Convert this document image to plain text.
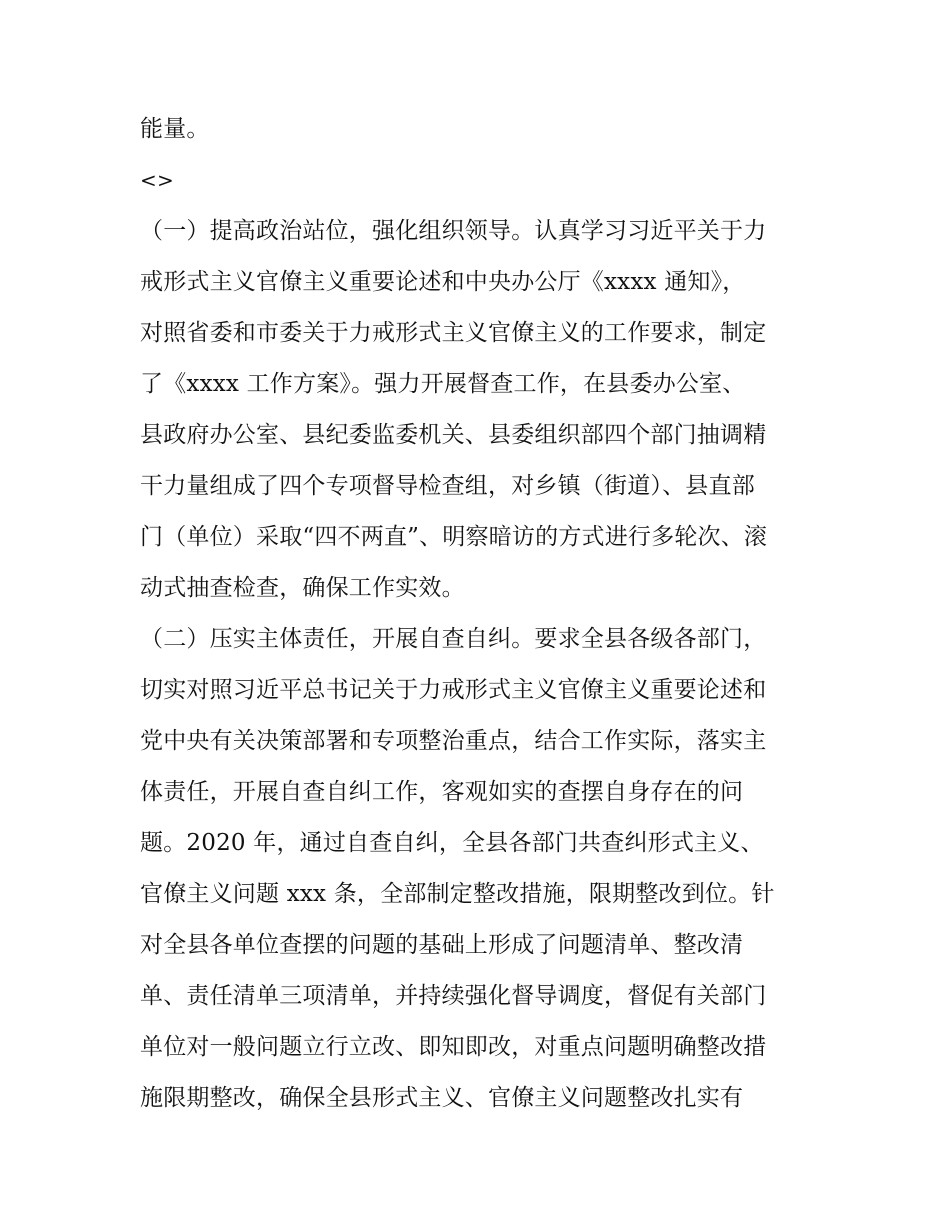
能量。
<>
（一）提高政治站位，强化组织领导。认真学习习近平关于力
戒形式主义官僚主义重要论述和中央办公厅《xxxx 通知》，
对照省委和市委关于力戒形式主义官僚主义的工作要求，制定
了《xxxx 工作方案》。强力开展督查工作，在县委办公室、
县政府办公室、县纪委监委机关、县委组织部四个部门抽调精
干力量组成了四个专项督导检查组，对乡镇（街道）、县直部
门（单位）采取“四不两直”、明察暗访的方式进行多轮次、滚
动式抽查检查，确保工作实效。
（二）压实主体责任，开展自查自纠。要求全县各级各部门，
切实对照习近平总书记关于力戒形式主义官僚主义重要论述和
党中央有关决策部署和专项整治重点，结合工作实际，落实主
体责任，开展自查自纠工作，客观如实的查摆自身存在的问
题。2020 年，通过自查自纠，全县各部门共查纠形式主义、
官僚主义问题 xxx 条，全部制定整改措施，限期整改到位。针
对全县各单位查摆的问题的基础上形成了问题清单、整改清
单、责任清单三项清单，并持续强化督导调度，督促有关部门
单位对一般问题立行立改、即知即改，对重点问题明确整改措
施限期整改，确保全县形式主义、官僚主义问题整改扎实有
